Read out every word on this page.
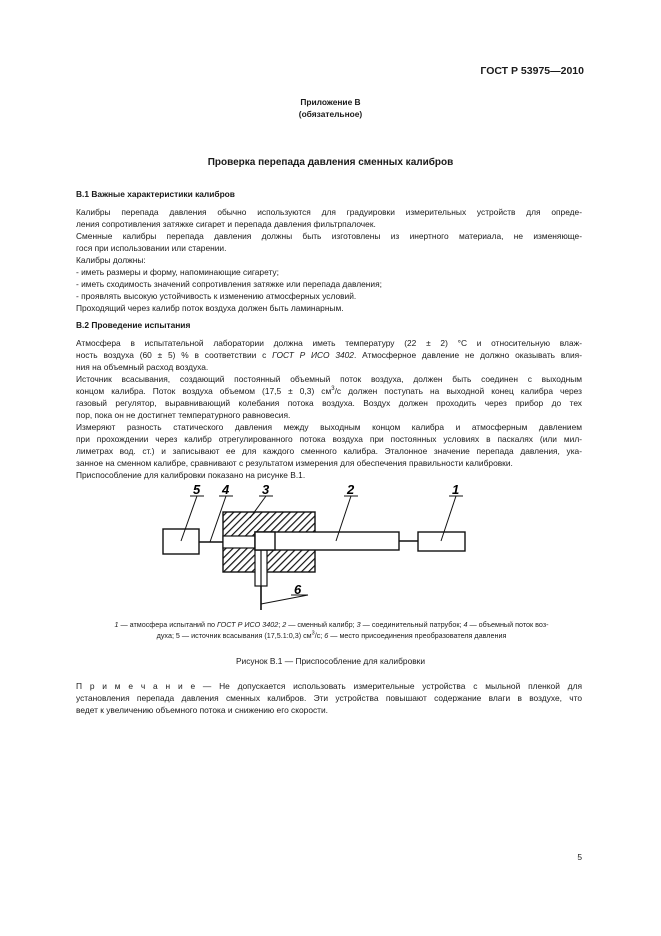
ГОСТ Р 53975—2010
Приложение В
(обязательное)
Проверка перепада давления сменных калибров

В.1 Важные характеристики калибров

Калибры перепада давления обычно используются для градуировки измерительных устройств для опреде-
ления сопротивления затяжке сигарет и перепада давления фильтрпалочек.
Сменные калибры перепада давления должны быть изготовлены из инертного материала, не изменяюще-
гося при использовании или старении.
Калибры должны:
- иметь размеры и форму, напоминающие сигарету;
- иметь сходимость значений сопротивления затяжке или перепада давления;
- проявлять высокую устойчивость к изменению атмосферных условий.
Проходящий через калибр поток воздуха должен быть ламинарным.

В.2 Проведение испытания

Атмосфера в испытательной лаборатории должна иметь температуру (22 ± 2) °С и относительную влаж-
ность воздуха (60 ± 5) % в соответствии с ГОСТ Р ИСО 3402. Атмосферное давление не должно оказывать влия-
ния на объемный расход воздуха.
Источник всасывания, создающий постоянный объемный поток воздуха, должен быть соединен с выходным
концом калибра. Поток воздуха объемом (17,5 ± 0,3) $см^3/с$ должен поступать на выходной конец калибра через
газовый регулятор, выравнивающий колебания потока воздуха. Воздух должен проходить через прибор до тех
пор, пока он не достигнет температурного равновесия.
Измеряют разность статического давления между выходным концом калибра и атмосферным давлением
при прохождении через калибр отрегулированного потока воздуха при постоянных условиях в паскалях (или мил-
лиметрах вод. ст.) и записывают ее для каждого сменного калибра. Эталонное значение перепада давления, ука-
занное на сменном калибре, сравнивают с результатом измерения для обеспечения правильности калибровки.
Приспособление для калибровки показано на рисунке В.1.
5 4	3	2	1
6
1 — атмосфера испытаний по ГОСТ Р ИСО 3402; 2 — сменный калибр; 3 — соединительный патрубок; 4 — объемный поток воз-
духа; 5 — источник всасывания (17,5.1:0,3) $см^3/с$; 6 — место присоединения преобразователя давления
Рисунок В.1 — Приспособление для калибровки
П р и м е ч а н и е — Не допускается использовать измерительные устройства с мыльной пленкой для
установления перепада давления сменных калибров. Эти устройства повышают содержание влаги в воздухе, что
ведет к увеличению объемного потока и снижению его скорости.
5
